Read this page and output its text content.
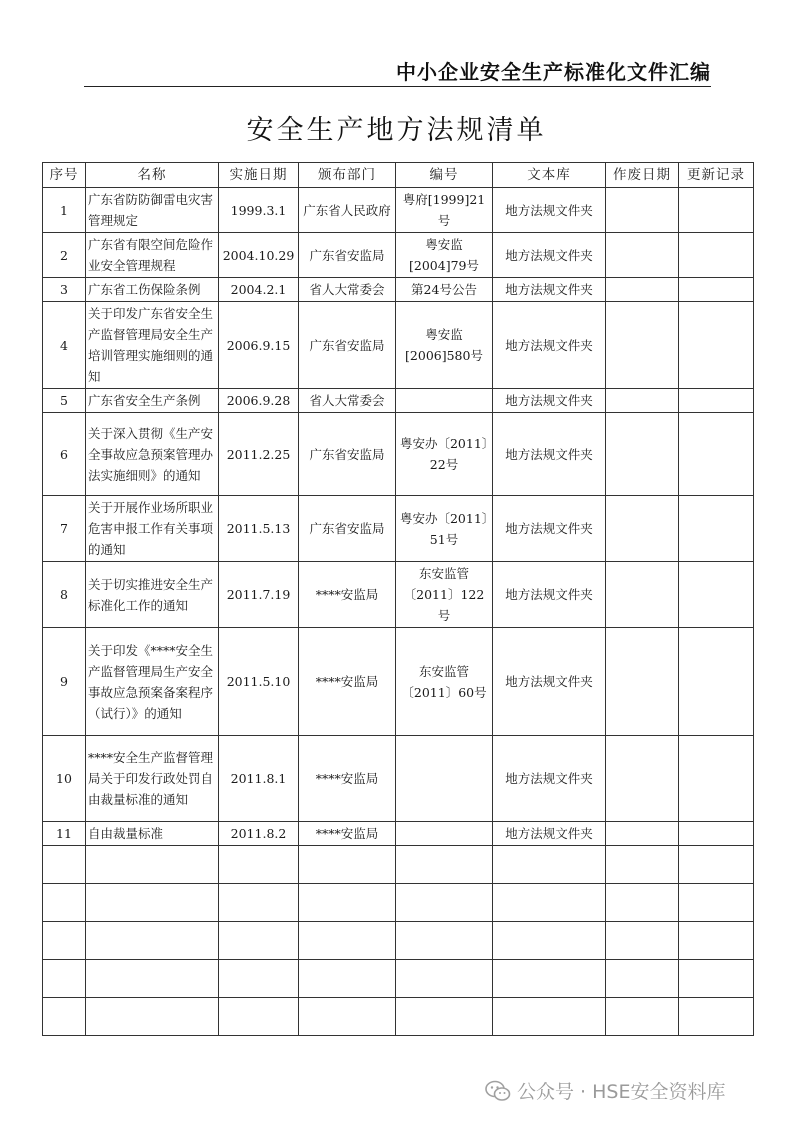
中小企业安全生产标准化文件汇编
安全生产地方法规清单
序号	名称	实施日期	颁布部门	编号	文本库	作废日期	更新记录
1	广东省防防御雷电灾害管理规定	1999.3.1	广东省人民政府	粤府[1999]21号	地方法规文件夹		
2	广东省有限空间危险作业安全管理规程	2004.10.29	广东省安监局	粤安监[2004]79号	地方法规文件夹		
3	广东省工伤保险条例	2004.2.1	省人大常委会	第24号公告	地方法规文件夹		
4	关于印发广东省安全生产监督管理局安全生产培训管理实施细则的通知	2006.9.15	广东省安监局	粤安监[2006]580号	地方法规文件夹		
5	广东省安全生产条例	2006.9.28	省人大常委会		地方法规文件夹		
6	关于深入贯彻《生产安全事故应急预案管理办法实施细则》的通知	2011.2.25	广东省安监局	粤安办〔2011〕22号	地方法规文件夹		
7	关于开展作业场所职业危害申报工作有关事项的通知	2011.5.13	广东省安监局	粤安办〔2011〕51号	地方法规文件夹		
8	关于切实推进安全生产标准化工作的通知	2011.7.19	****安监局	东安监管〔2011〕122号	地方法规文件夹		
9	关于印发《****安全生产监督管理局生产安全事故应急预案备案程序（试行）》的通知	2011.5.10	****安监局	东安监管〔2011〕60号	地方法规文件夹		
10	****安全生产监督管理局关于印发行政处罚自由裁量标准的通知	2011.8.1	****安监局		地方法规文件夹		
11	自由裁量标准	2011.8.2	****安监局		地方法规文件夹		

公众号 · HSE安全资料库
